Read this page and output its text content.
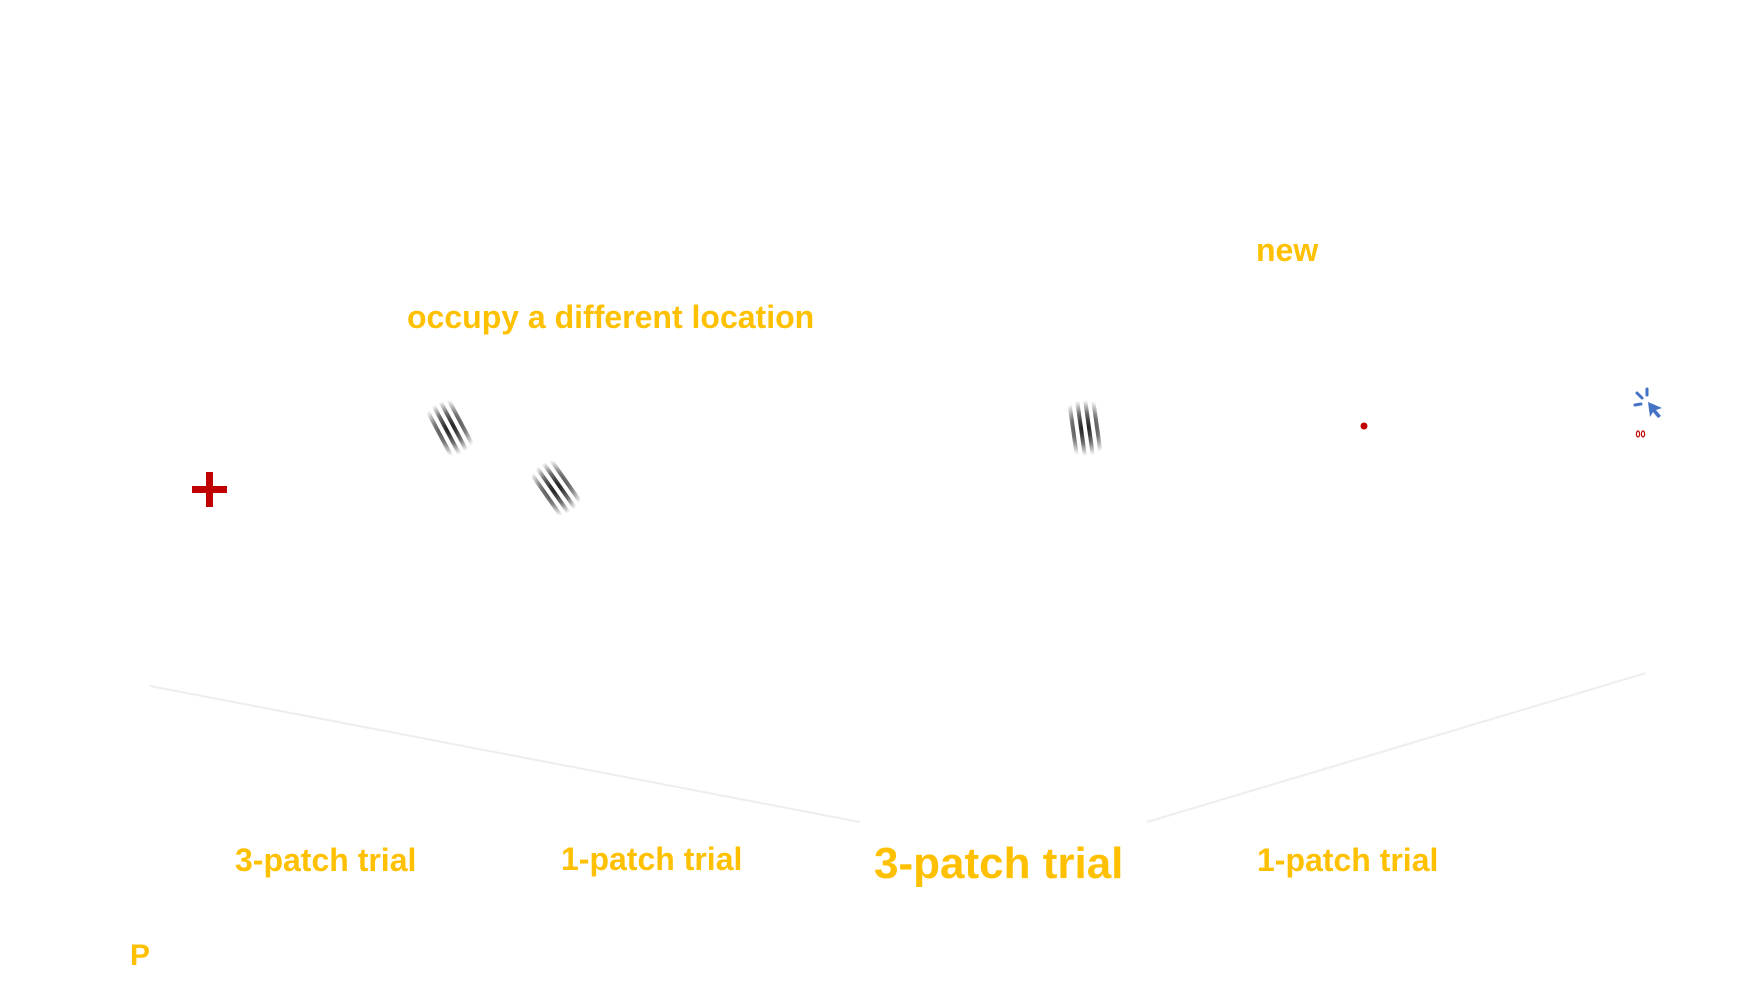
occupy a different location
new
3-patch trial	1-patch trial	3-patch trial	1-patch trial
P
